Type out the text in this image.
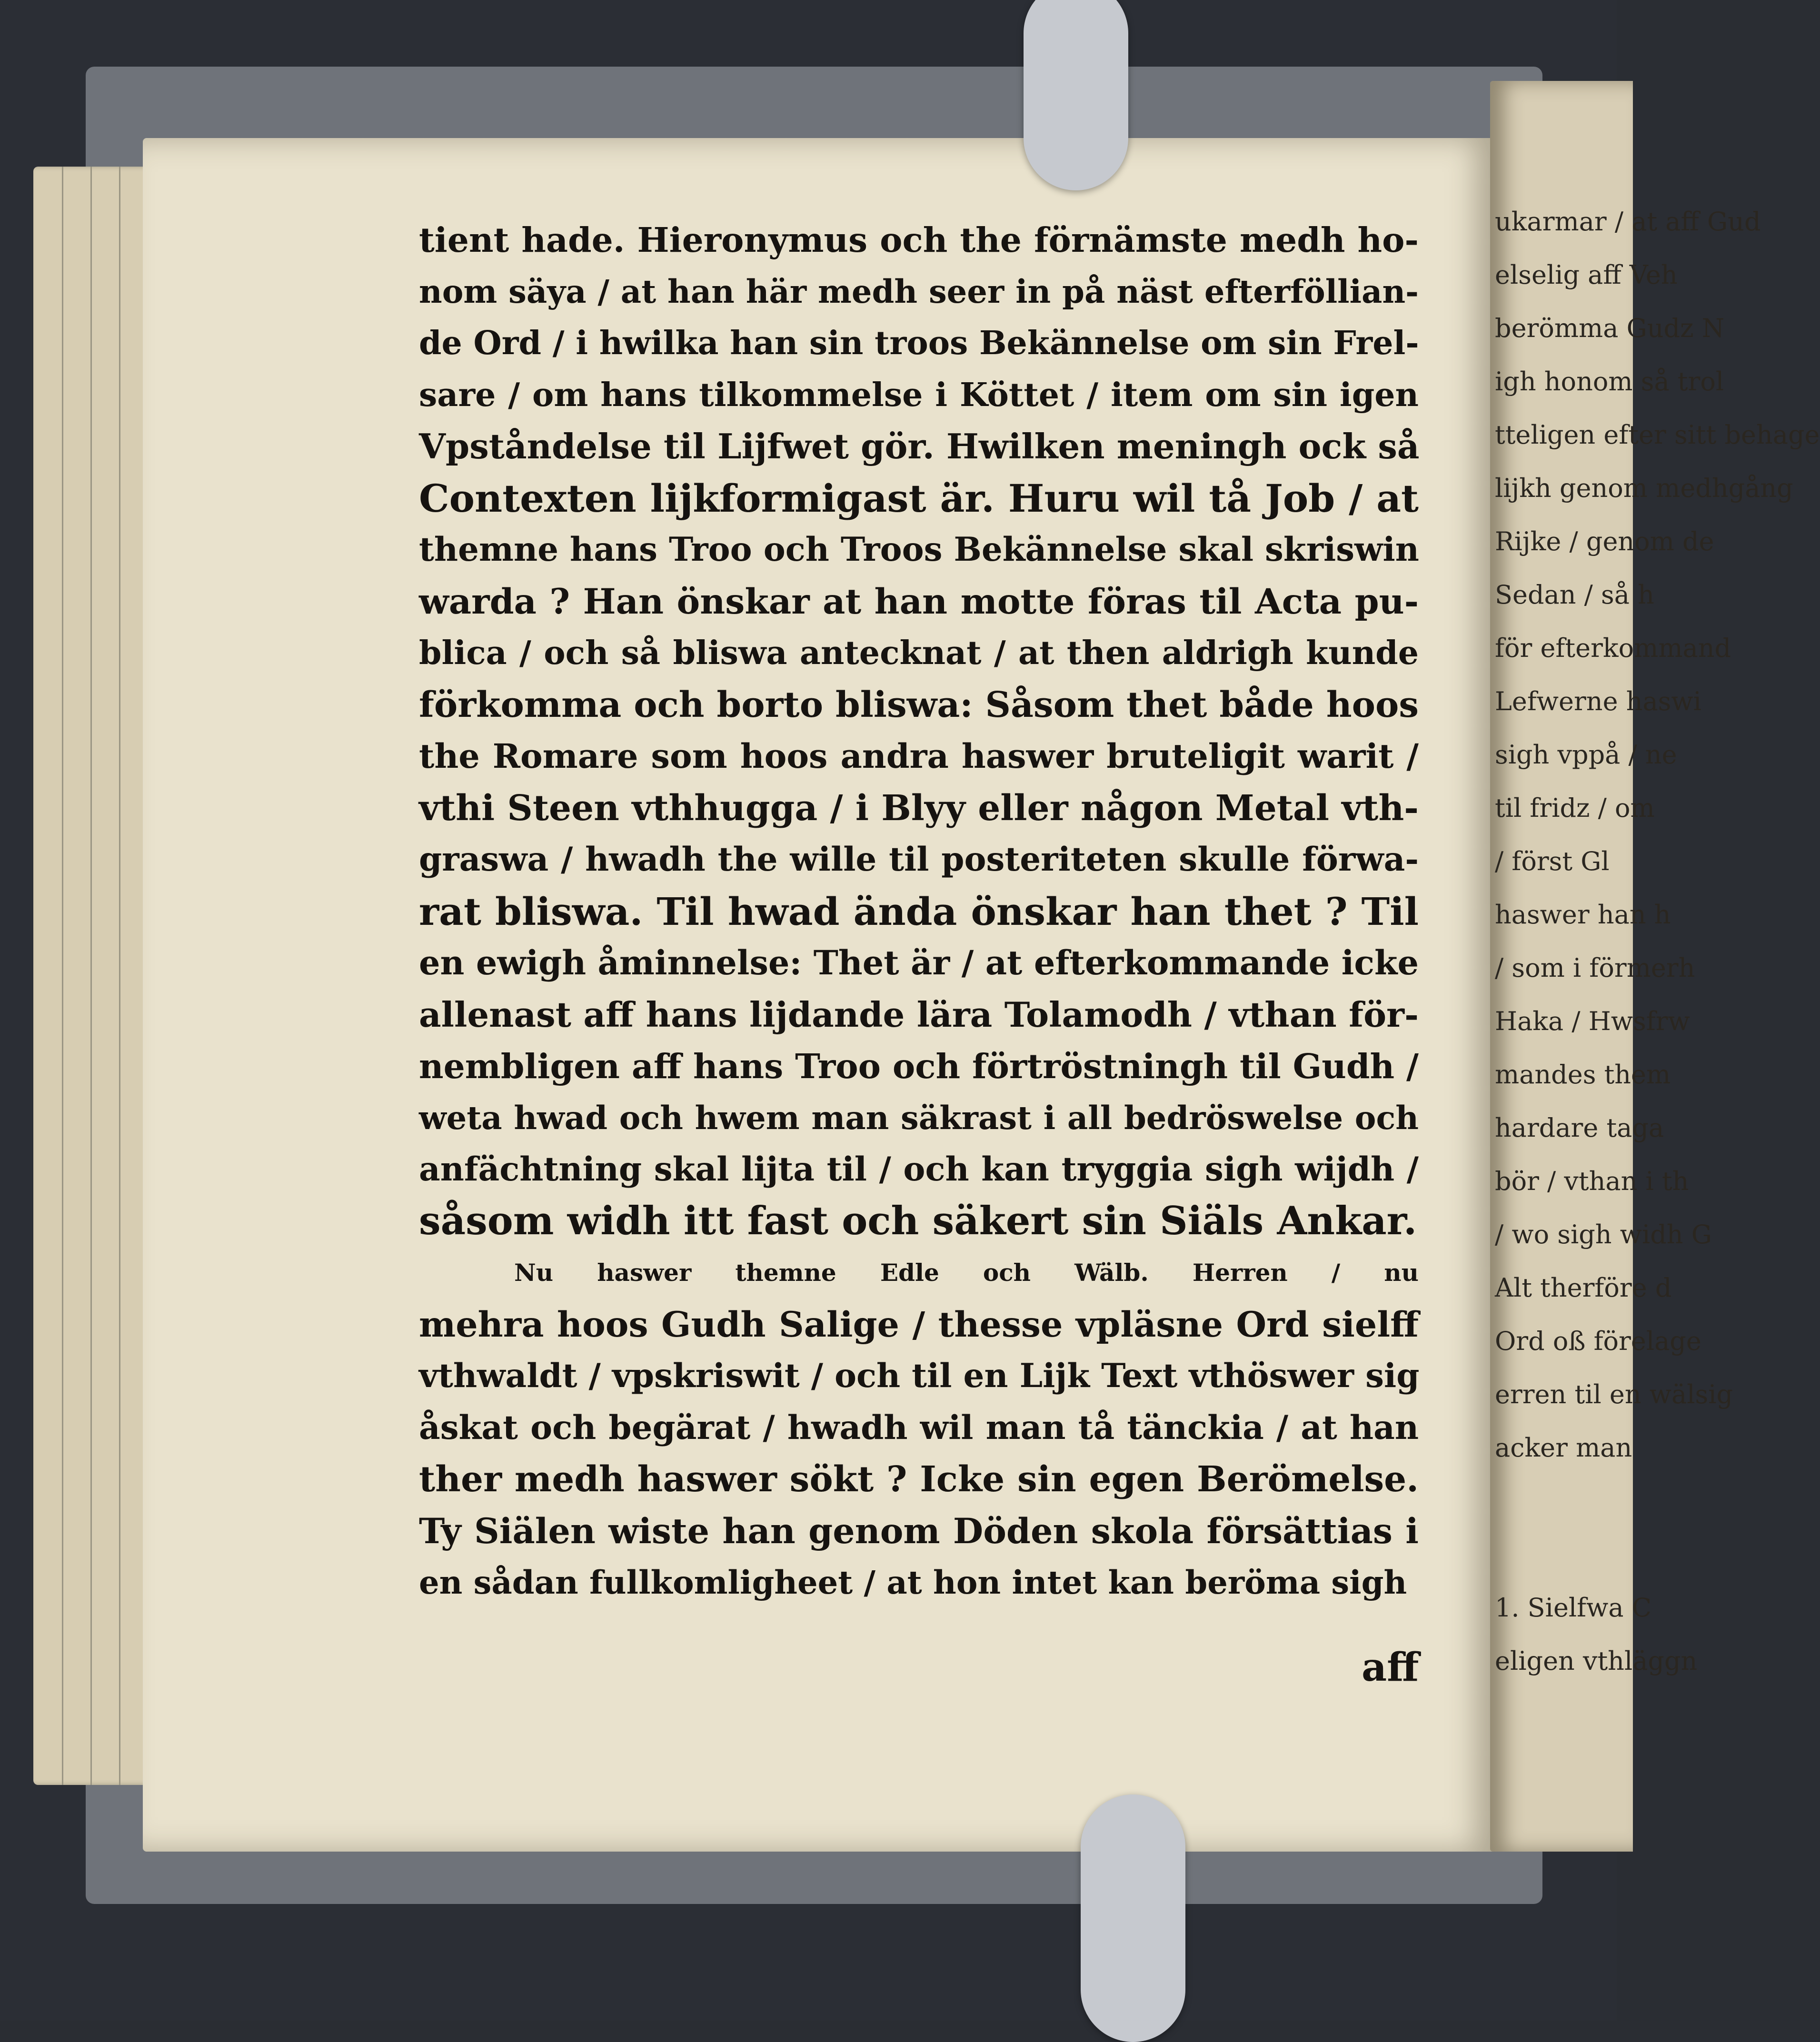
ukarmar / at aff Gud
elselig aff Veh
berömma Gudz N
igh honom så trol
tteligen efter sitt behage
lijkh genom medhgång
Rijke / genom de
Sedan / så h
för efterkommand
Lefwerne haswi
sigh vppå / ne
til fridz / om
/ först Gl
haswer han h
/ som i förmerh
Haka / Hwsfrw
mandes them
hardare taga
bör / vthan i th
/ wo sigh widh G
Alt therföre d
Ord oß förelage
erren til en wälsig
acker man
1. Sielfwa C
eligen vthläggn
tient hade. Hieronymus och the förnämste medh ho-
nom säya / at han här medh seer in på näst efterföllian-
de Ord / i hwilka han sin troos Bekännelse om sin Frel-
sare / om hans tilkommelse i Köttet / item om sin igen
Vpståndelse til Lijfwet gör. Hwilken meningh ock så
Contexten lijkformigast är. Huru wil tå Job / at
themne hans Troo och Troos Bekännelse skal skriswin
warda ? Han önskar at han motte föras til Acta pu-
blica / och så bliswa antecknat / at then aldrigh kunde
förkomma och borto bliswa: Såsom thet både hoos
the Romare som hoos andra haswer bruteligit warit /
vthi Steen vthhugga / i Blyy eller någon Metal vth-
graswa / hwadh the wille til posteriteten skulle förwa-
rat bliswa. Til hwad ända önskar han thet ? Til
en ewigh åminnelse: Thet är / at efterkommande icke
allenast aff hans lijdande lära Tolamodh / vthan för-
nembligen aff hans Troo och förtröstningh til Gudh /
weta hwad och hwem man säkrast i all bedröswelse och
anfächtning skal lijta til / och kan tryggia sigh wijdh /
såsom widh itt fast och säkert sin Siäls Ankar.
Nu haswer themne Edle och Wälb. Herren / nu
mehra hoos Gudh Salige / thesse vpläsne Ord sielff
vthwaldt / vpskriswit / och til en Lijk Text vthöswer sig
åskat och begärat / hwadh wil man tå tänckia / at han
ther medh haswer sökt ? Icke sin egen Berömelse.
Ty Siälen wiste han genom Döden skola försättias i
en sådan fullkomligheet / at hon intet kan beröma sigh
aff
